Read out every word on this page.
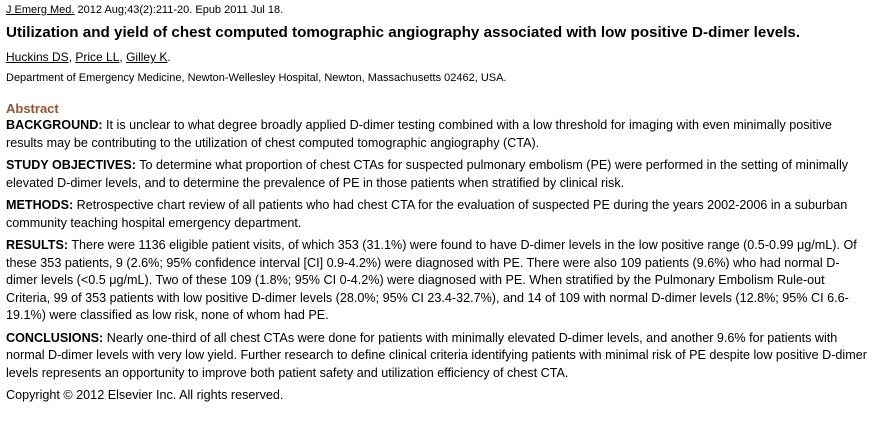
J Emerg Med. 2012 Aug;43(2):211-20. Epub 2011 Jul 18.
Utilization and yield of chest computed tomographic angiography associated with low positive D-dimer levels.
Huckins DS, Price LL, Gilley K.
Department of Emergency Medicine, Newton-Wellesley Hospital, Newton, Massachusetts 02462, USA.
Abstract

BACKGROUND: It is unclear to what degree broadly applied D-dimer testing combined with a low threshold for imaging with even minimally positive results may be contributing to the utilization of chest computed tomographic angiography (CTA).

STUDY OBJECTIVES: To determine what proportion of chest CTAs for suspected pulmonary embolism (PE) were performed in the setting of minimally elevated D-dimer levels, and to determine the prevalence of PE in those patients when stratified by clinical risk.

METHODS: Retrospective chart review of all patients who had chest CTA for the evaluation of suspected PE during the years 2002-2006 in a suburban community teaching hospital emergency department.

RESULTS: There were 1136 eligible patient visits, of which 353 (31.1%) were found to have D-dimer levels in the low positive range (0.5-0.99 μg/mL). Of these 353 patients, 9 (2.6%; 95% confidence interval [CI] 0.9-4.2%) were diagnosed with PE. There were also 109 patients (9.6%) who had normal D-dimer levels (<0.5 μg/mL). Two of these 109 (1.8%; 95% CI 0-4.2%) were diagnosed with PE. When stratified by the Pulmonary Embolism Rule-out Criteria, 99 of 353 patients with low positive D-dimer levels (28.0%; 95% CI 23.4-32.7%), and 14 of 109 with normal D-dimer levels (12.8%; 95% CI 6.6-19.1%) were classified as low risk, none of whom had PE.

CONCLUSIONS: Nearly one-third of all chest CTAs were done for patients with minimally elevated D-dimer levels, and another 9.6% for patients with normal D-dimer levels with very low yield. Further research to define clinical criteria identifying patients with minimal risk of PE despite low positive D-dimer levels represents an opportunity to improve both patient safety and utilization efficiency of chest CTA.

Copyright © 2012 Elsevier Inc. All rights reserved.
